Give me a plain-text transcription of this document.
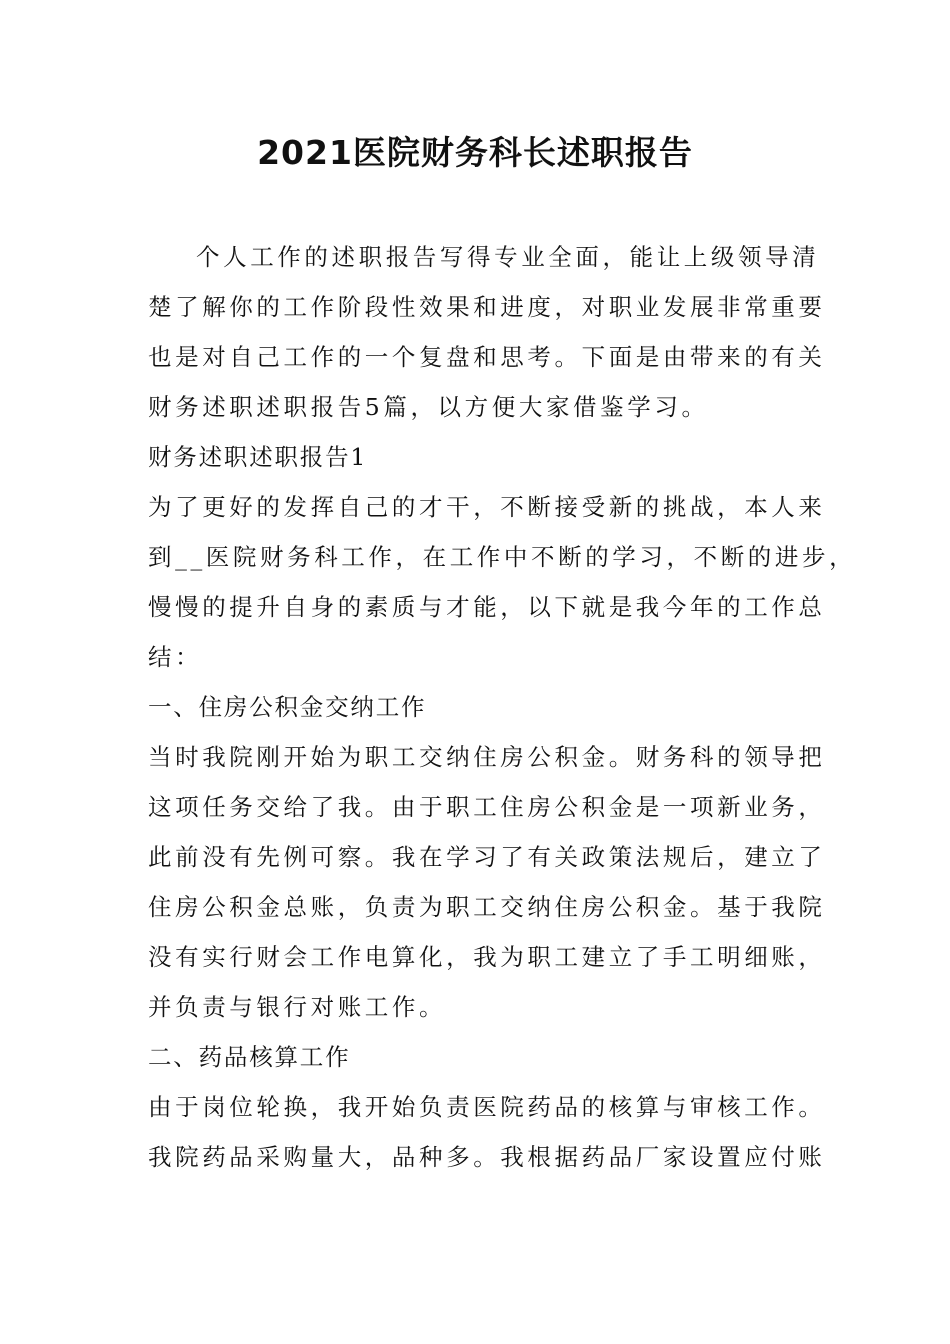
2021医院财务科长述职报告

个人工作的述职报告写得专业全面，能让上级领导清

楚了解你的工作阶段性效果和进度，对职业发展非常重要

也是对自己工作的一个复盘和思考。下面是由带来的有关

财务述职述职报告5篇，以方便大家借鉴学习。

财务述职述职报告1

为了更好的发挥自己的才干，不断接受新的挑战，本人来

到__医院财务科工作，在工作中不断的学习，不断的进步，

慢慢的提升自身的素质与才能，以下就是我今年的工作总

结：

一、住房公积金交纳工作

当时我院刚开始为职工交纳住房公积金。财务科的领导把

这项任务交给了我。由于职工住房公积金是一项新业务，

此前没有先例可察。我在学习了有关政策法规后，建立了

住房公积金总账，负责为职工交纳住房公积金。基于我院

没有实行财会工作电算化，我为职工建立了手工明细账，

并负责与银行对账工作。

二、药品核算工作

由于岗位轮换，我开始负责医院药品的核算与审核工作。

我院药品采购量大，品种多。我根据药品厂家设置应付账
